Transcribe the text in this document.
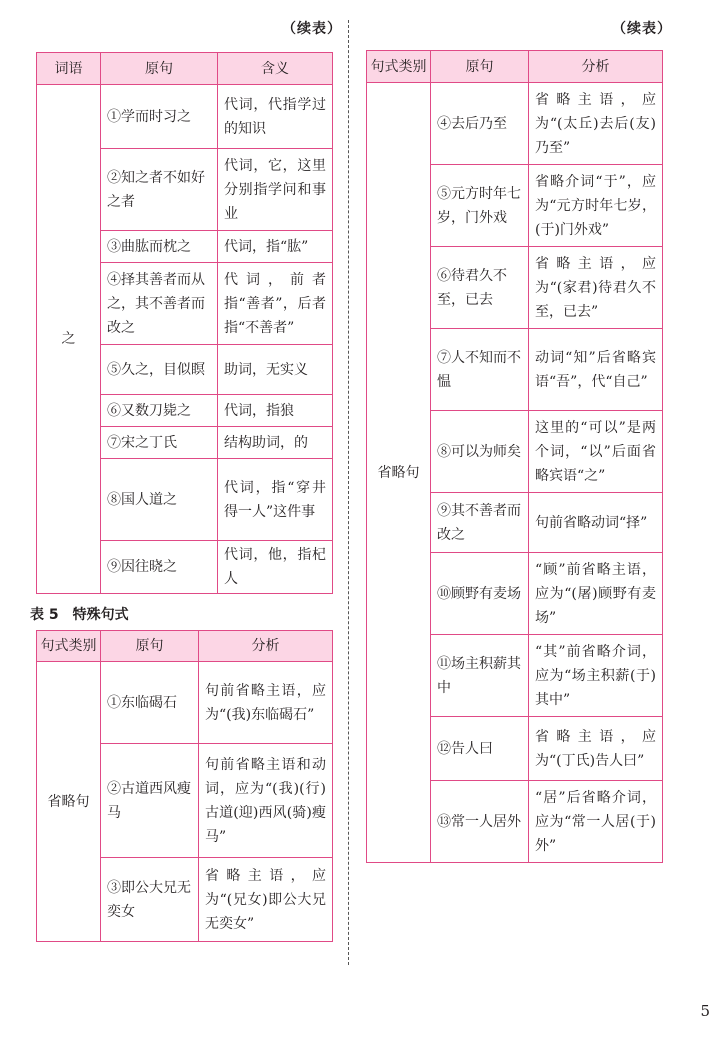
（续表）	（续表）
词语	原句	含义
之	①学而时习之	代词，代指学过的知识
	②知之者不如好之者	代词，它，这里分别指学问和事业
	③曲肱而枕之	代词，指“肱”
	④择其善者而从之，其不善者而改之	代词，前者指“善者”，后者指“不善者”
	⑤久之，目似瞑	助词，无实义
	⑥又数刀毙之	代词，指狼
	⑦宋之丁氏	结构助词，的
	⑧国人道之	代词，指“穿井得一人”这件事
	⑨因往晓之	代词，他，指杞人
表 5　特殊句式
句式类别	原句	分析
省略句	①东临碣石	句前省略主语，应为“(我)东临碣石”
	②古道西风瘦马	句前省略主语和动词，应为“(我)(行)古道(迎)西风(骑)瘦马”
	③即公大兄无奕女	省略主语，应为“(兄女)即公大兄无奕女”
句式类别	原句	分析
省略句	④去后乃至	省略主语，应为“(太丘)去后(友)乃至”
	⑤元方时年七岁，门外戏	省略介词“于”，应为“元方时年七岁，(于)门外戏”
	⑥待君久不至，已去	省略主语，应为“(家君)待君久不至，已去”
	⑦人不知而不愠	动词“知”后省略宾语“吾”，代“自己”
	⑧可以为师矣	这里的“可以”是两个词，“以”后面省略宾语“之”
	⑨其不善者而改之	句前省略动词“择”
	⑩顾野有麦场	“顾”前省略主语，应为“(屠)顾野有麦场”
	⑪场主积薪其中	“其”前省略介词，应为“场主积薪(于)其中”
	⑫告人曰	省略主语，应为“(丁氏)告人曰”
	⑬常一人居外	“居”后省略介词，应为“常一人居(于)外”
5
